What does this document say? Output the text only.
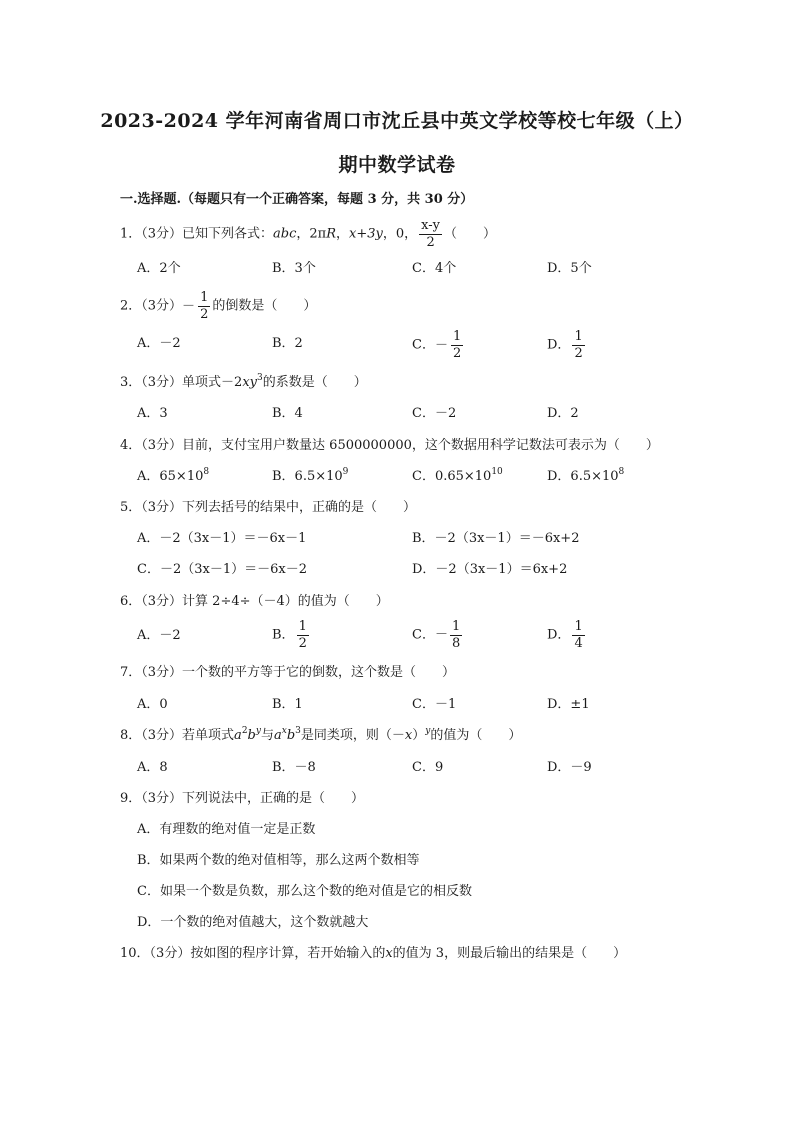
2023-2024 学年河南省周口市沈丘县中英文学校等校七年级（上）
期中数学试卷
一.选择题.（每题只有一个正确答案，每题 3 分，共 30 分）
1．（3分）已知下列各式：abc，2πR，x+3y，0， $\frac{x-y}{2}$ （　　）
A．2个	B．3个	C．4个	D．5个
2．（3分）－ $\frac{1}{2}$ 的倒数是（　　）
A．－2	B．2	C．－ $\frac{1}{2}$	D． $\frac{1}{2}$
3．（3分）单项式$-2xy^3$的系数是（　　）
A．3	B．4	C．－2	D．2
4．（3分）目前，支付宝用户数量达 6500000000，这个数据用科学记数法可表示为（　　）
A．$65\times 10^8$	B．$6.5\times 10^9$	C．$0.65\times 10^{10}$	D．$6.5\times 10^8$
5．（3分）下列去括号的结果中，正确的是（　　）
A．－2（3x－1）＝－6x－1	B．－2（3x－1）＝－6x+2
C．－2（3x－1）＝－6x－2	D．－2（3x－1）＝6x+2
6．（3分）计算 2÷4÷（－4）的值为（　　）
A．－2	B． $\frac{1}{2}$	C．－ $\frac{1}{8}$	D． $\frac{1}{4}$
7．（3分）一个数的平方等于它的倒数，这个数是（　　）
A．0	B．1	C．－1	D．±1
8．（3分）若单项式$a^2b^y$与$a^xb^3$是同类项，则$(-x)^y$的值为（　　）
A．8	B．－8	C．9	D．－9
9．（3分）下列说法中，正确的是（　　）
A．有理数的绝对值一定是正数
B．如果两个数的绝对值相等，那么这两个数相等
C．如果一个数是负数，那么这个数的绝对值是它的相反数
D．一个数的绝对值越大，这个数就越大
10．（3分）按如图的程序计算，若开始输入的x的值为 3，则最后输出的结果是（　　）
